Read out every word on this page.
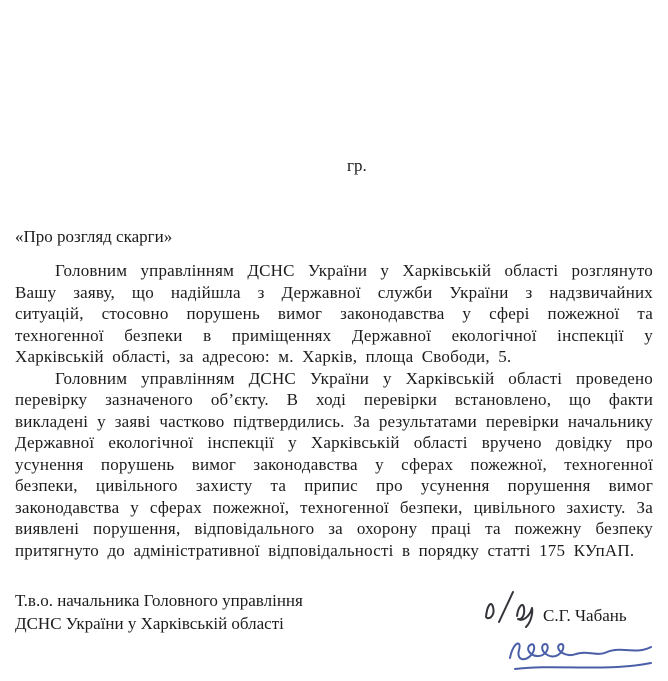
гр.
«Про розгляд скарги»

Головним управлінням ДСНС України у Харківській області розглянуто Вашу заяву, що надійшла з Державної служби України з надзвичайних ситуацій, стосовно порушень вимог законодавства у сфері пожежної та техногенної безпеки в приміщеннях Державної екологічної інспекції у Харківській області, за адресою: м. Харків, площа Свободи, 5.

Головним управлінням ДСНС України у Харківській області проведено перевірку зазначеного об’єкту. В ході перевірки встановлено, що факти викладені у заяві частково підтвердились. За результатами перевірки начальнику Державної екологічної інспекції у Харківській області вручено довідку про усунення порушень вимог законодавства у сферах пожежної, техногенної безпеки, цивільного захисту та припис про усунення порушення вимог законодавства у сферах пожежної, техногенної безпеки, цивільного захисту. За виявлені порушення, відповідального за охорону праці та пожежну безпеку притягнуто до адміністративної відповідальності в порядку статті 175 КУпАП.

Т.в.о. начальника Головного управління
ДСНС України у Харківській області	С.Г. Чабань
